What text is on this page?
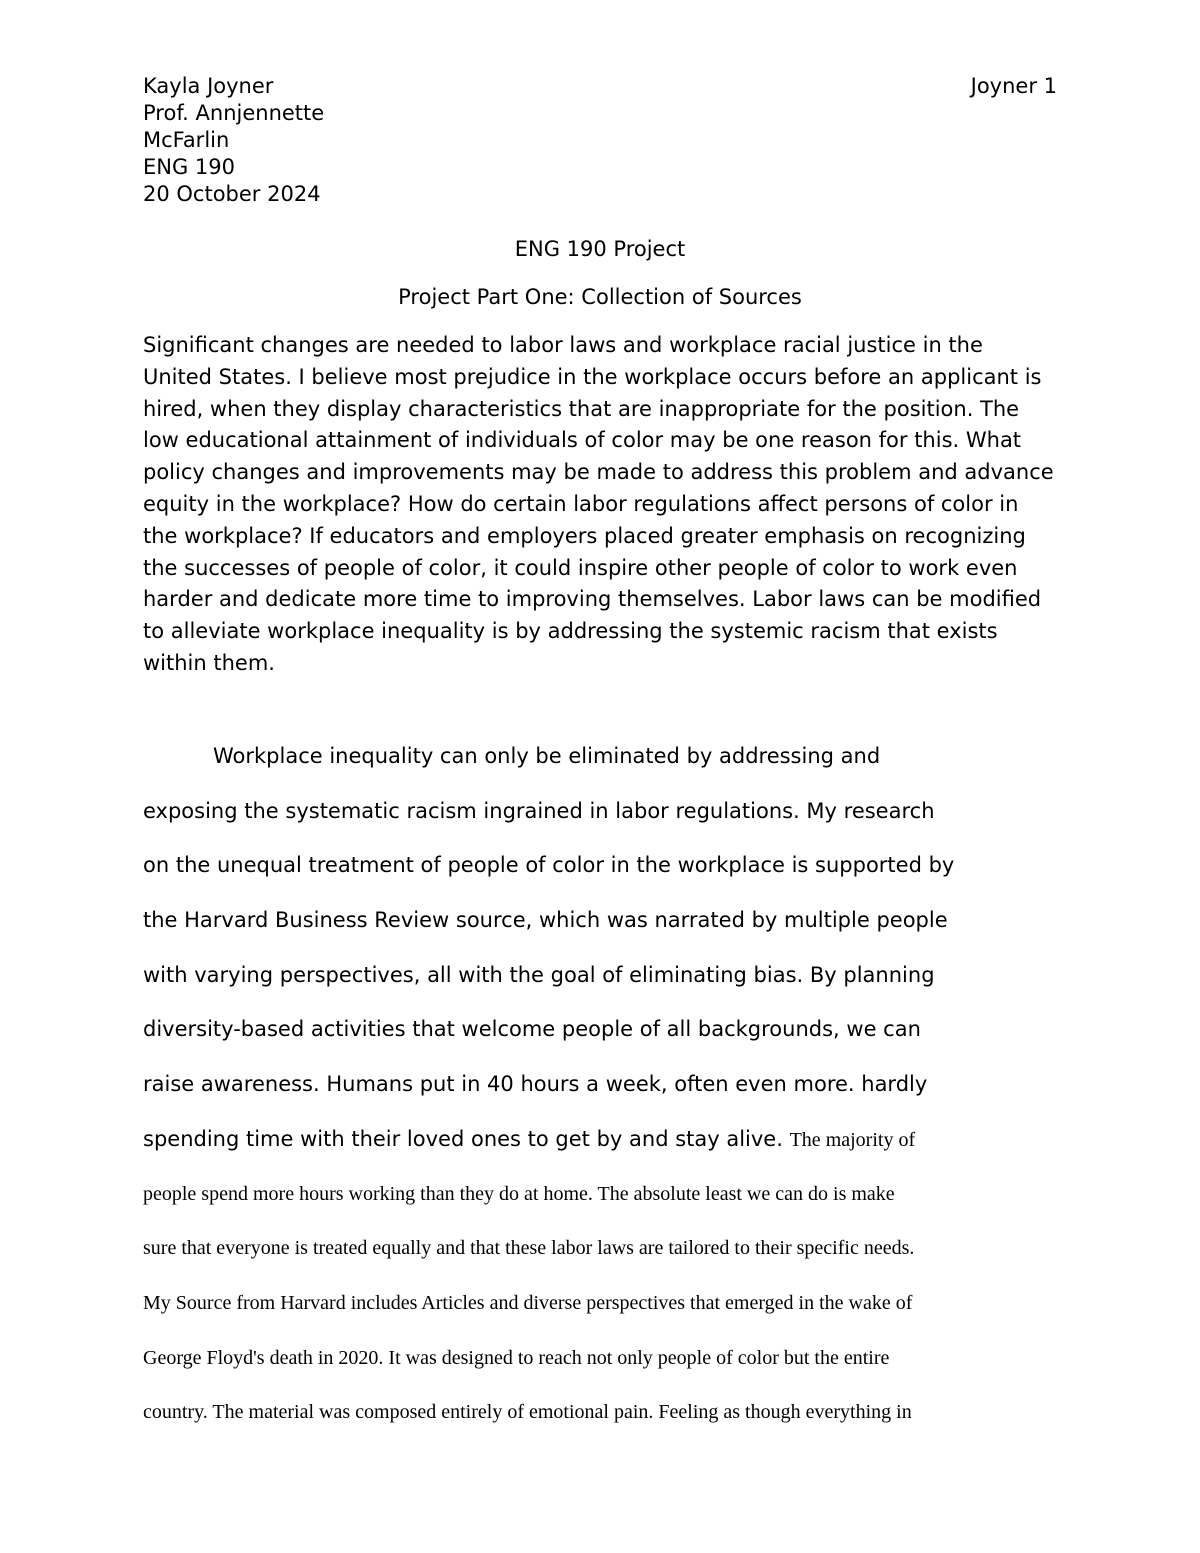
Joyner 1
Kayla Joyner
Prof. Annjennette
McFarlin
ENG 190
20 October 2024
ENG 190 Project
Project Part One: Collection of Sources

Significant changes are needed to labor laws and workplace racial justice in the United States. I believe most prejudice in the workplace occurs before an applicant is hired, when they display characteristics that are inappropriate for the position. The low educational attainment of individuals of color may be one reason for this. What policy changes and improvements may be made to address this problem and advance equity in the workplace? How do certain labor regulations affect persons of color in the workplace? If educators and employers placed greater emphasis on recognizing the successes of people of color, it could inspire other people of color to work even harder and dedicate more time to improving themselves. Labor laws can be modified to alleviate workplace inequality is by addressing the systemic racism that exists within them.

Workplace inequality can only be eliminated by addressing and
exposing the systematic racism ingrained in labor regulations. My research
on the unequal treatment of people of color in the workplace is supported by
the Harvard Business Review source, which was narrated by multiple people
with varying perspectives, all with the goal of eliminating bias. By planning
diversity-based activities that welcome people of all backgrounds, we can
raise awareness. Humans put in 40 hours a week, often even more. hardly
spending time with their loved ones to get by and stay alive. The majority of
people spend more hours working than they do at home. The absolute least we can do is make
sure that everyone is treated equally and that these labor laws are tailored to their specific needs.
My Source from Harvard includes Articles and diverse perspectives that emerged in the wake of
George Floyd's death in 2020. It was designed to reach not only people of color but the entire
country. The material was composed entirely of emotional pain. Feeling as though everything in
